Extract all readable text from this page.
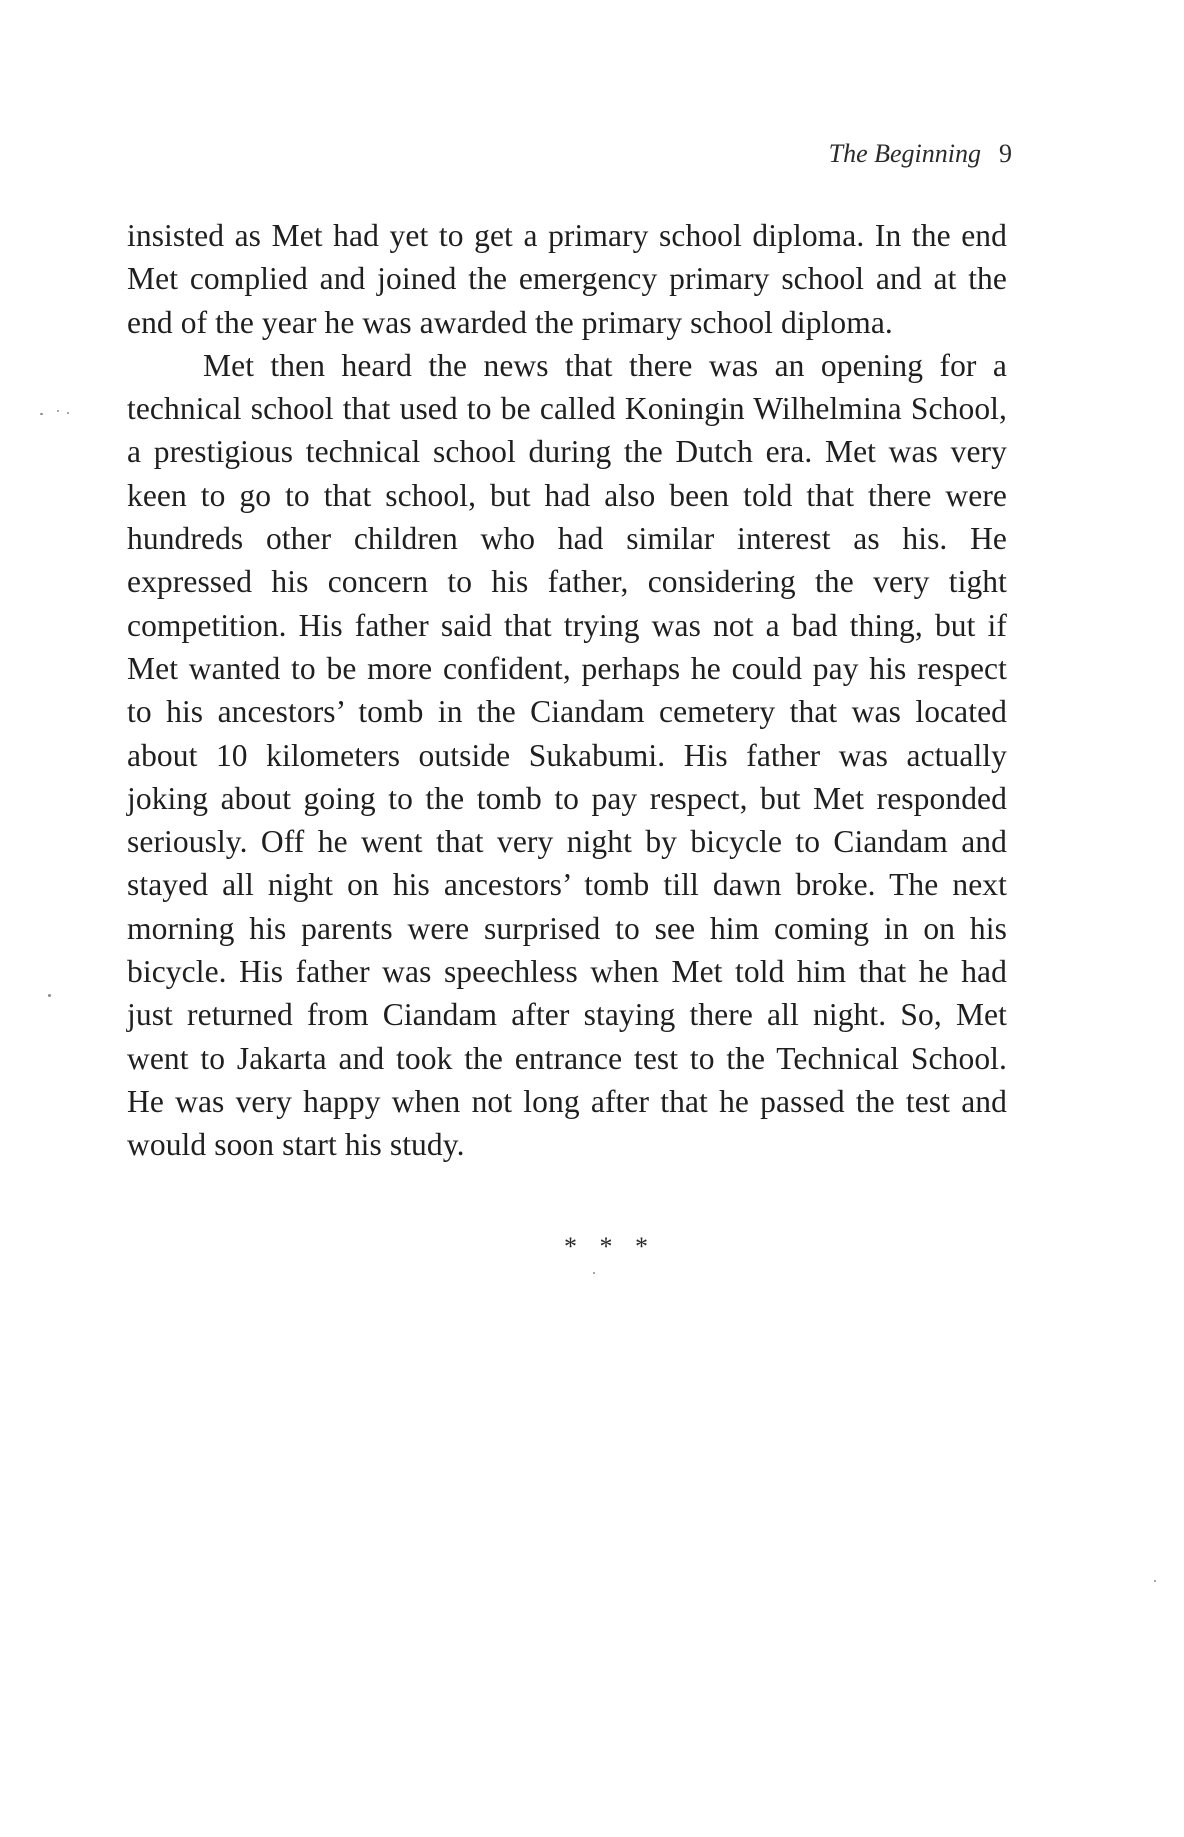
The Beginning 9

insisted as Met had yet to get a primary school diploma. In the end Met complied and joined the emergency primary school and at the end of the year he was awarded the primary school diploma.

Met then heard the news that there was an opening for a technical school that used to be called Koningin Wilhelmina School, a prestigious technical school during the Dutch era. Met was very keen to go to that school, but had also been told that there were hundreds other children who had similar interest as his. He expressed his concern to his father, considering the very tight competition. His father said that trying was not a bad thing, but if Met wanted to be more confident, perhaps he could pay his respect to his ancestors’ tomb in the Ciandam cemetery that was located about 10 kilometers outside Sukabumi. His father was actually joking about going to the tomb to pay respect, but Met responded seriously. Off he went that very night by bicycle to Ciandam and stayed all night on his ancestors’ tomb till dawn broke. The next morning his parents were surprised to see him coming in on his bicycle. His father was speechless when Met told him that he had just returned from Ciandam after staying there all night. So, Met went to Jakarta and took the entrance test to the Technical School. He was very happy when not long after that he passed the test and would soon start his study.

* * *
